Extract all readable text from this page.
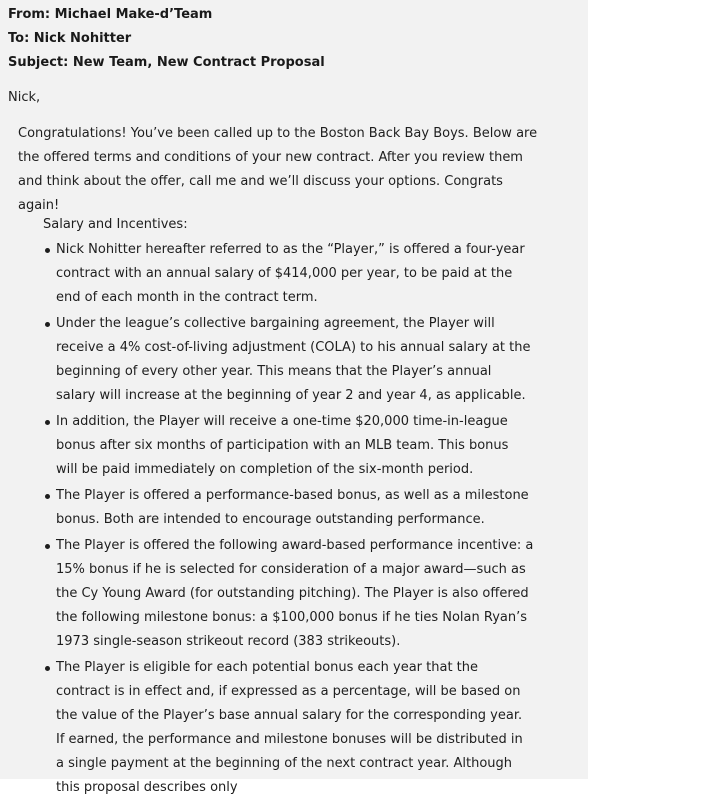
From: Michael Make-d’Team
To: Nick Nohitter
Subject: New Team, New Contract Proposal
Nick,
Congratulations! You’ve been called up to the Boston Back Bay Boys. Below are the offered terms and conditions of your new contract. After you review them and think about the offer, call me and we’ll discuss your options. Congrats again!
Salary and Incentives:
Nick Nohitter hereafter referred to as the “Player,” is offered a four-year contract with an annual salary of $414,000 per year, to be paid at the end of each month in the contract term.
Under the league’s collective bargaining agreement, the Player will receive a 4% cost-of-living adjustment (COLA) to his annual salary at the beginning of every other year. This means that the Player’s annual salary will increase at the beginning of year 2 and year 4, as applicable.
In addition, the Player will receive a one-time $20,000 time-in-league bonus after six months of participation with an MLB team. This bonus will be paid immediately on completion of the six-month period.
The Player is offered a performance-based bonus, as well as a milestone bonus. Both are intended to encourage outstanding performance.
The Player is offered the following award-based performance incentive: a 15% bonus if he is selected for consideration of a major award—such as the Cy Young Award (for outstanding pitching). The Player is also offered the following milestone bonus: a $100,000 bonus if he ties Nolan Ryan’s 1973 single-season strikeout record (383 strikeouts).
The Player is eligible for each potential bonus each year that the contract is in effect and, if expressed as a percentage, will be based on the value of the Player’s base annual salary for the corresponding year. If earned, the performance and milestone bonuses will be distributed in a single payment at the beginning of the next contract year. Although this proposal describes only
